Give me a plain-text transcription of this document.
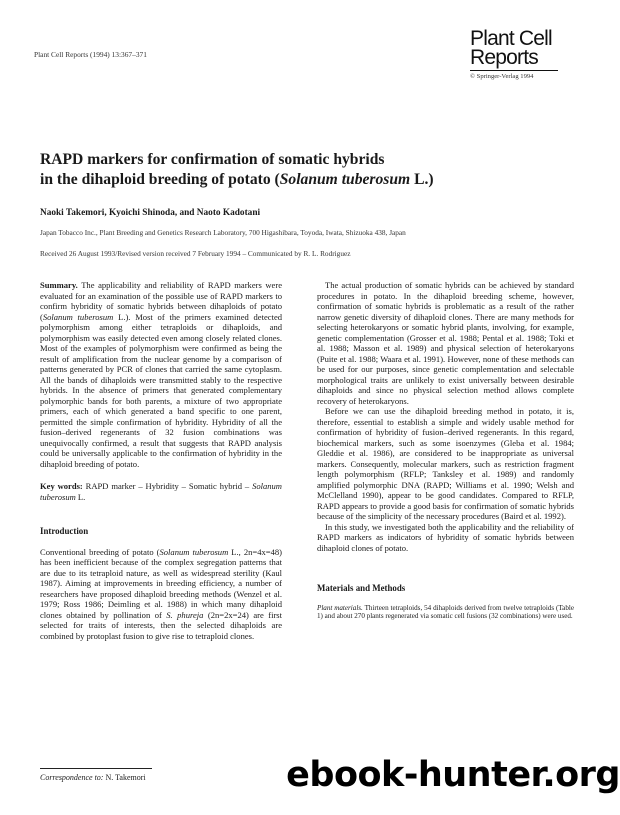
Plant Cell Reports (1994) 13:367–371
Plant Cell
Reports
© Springer-Verlag 1994
RAPD markers for confirmation of somatic hybrids
in the dihaploid breeding of potato (Solanum tuberosum L.)
Naoki Takemori, Kyoichi Shinoda, and Naoto Kadotani
Japan Tobacco Inc., Plant Breeding and Genetics Research Laboratory, 700 Higashibara, Toyoda, Iwata, Shizuoka 438, Japan
Received 26 August 1993/Revised version received 7 February 1994 – Communicated by R. L. Rodriguez

Summary. The applicability and reliability of RAPD markers were evaluated for an examination of the possible use of RAPD markers to confirm hybridity of somatic hybrids between dihaploids of potato (Solanum tuberosum L.). Most of the primers examined detected polymorphism among either tetraploids or dihaploids, and polymorphism was easily detected even among closely related clones. Most of the examples of polymorphism were confirmed as being the result of amplification from the nuclear genome by a comparison of patterns generated by PCR of clones that carried the same cytoplasm. All the bands of dihaploids were transmitted stably to the respective hybrids. In the absence of primers that generated complementary polymorphic bands for both parents, a mixture of two appropriate primers, each of which generated a band specific to one parent, permitted the simple confirmation of hybridity. Hybridity of all the fusion–derived regenerants of 32 fusion combinations was unequivocally confirmed, a result that suggests that RAPD analysis could be universally applicable to the confirmation of hybridity in the dihaploid breeding of potato.

Key words: RAPD marker – Hybridity – Somatic hybrid – Solanum tuberosum L.

Introduction

Conventional breeding of potato (Solanum tuberosum L., 2n=4x=48) has been inefficient because of the complex segregation patterns that are due to its tetraploid nature, as well as widespread sterility (Kaul 1987). Aiming at improvements in breeding efficiency, a number of researchers have proposed dihaploid breeding methods (Wenzel et al. 1979; Ross 1986; Deimling et al. 1988) in which many dihaploid clones obtained by pollination of S. phureja (2n=2x=24) are first selected for traits of interests, then the selected dihaploids are combined by protoplast fusion to give rise to tetraploid clones.

The actual production of somatic hybrids can be achieved by standard procedures in potato. In the dihaploid breeding scheme, however, confirmation of somatic hybrids is problematic as a result of the rather narrow genetic diversity of dihaploid clones. There are many methods for selecting heterokaryons or somatic hybrid plants, involving, for example, genetic complementation (Grosser et al. 1988; Pental et al. 1988; Toki et al. 1988; Masson et al. 1989) and physical selection of heterokaryons (Puite et al. 1988; Waara et al. 1991). However, none of these methods can be used for our purposes, since genetic complementation and selectable morphological traits are unlikely to exist universally between desirable dihaploids and since no physical selection method allows complete recovery of heterokaryons.

Before we can use the dihaploid breeding method in potato, it is, therefore, essential to establish a simple and widely usable method for confirmation of hybridity of fusion–derived regenerants. In this regard, biochemical markers, such as some isoenzymes (Gleba et al. 1984; Gleddie et al. 1986), are considered to be inappropriate as universal markers. Consequently, molecular markers, such as restriction fragment length polymorphism (RFLP; Tanksley et al. 1989) and randomly amplified polymorphic DNA (RAPD; Williams et al. 1990; Welsh and McClelland 1990), appear to be good candidates. Compared to RFLP, RAPD appears to provide a good basis for confirmation of somatic hybrids because of the simplicity of the necessary procedures (Baird et al. 1992).

In this study, we investigated both the applicability and the reliability of RAPD markers as indicators of hybridity of somatic hybrids between dihaploid clones of potato.

Materials and Methods

Plant materials. Thirteen tetraploids, 54 dihaploids derived from twelve tetraploids (Table 1) and about 270 plants regenerated via somatic cell fusions (32 combinations) were used.

Correspondence to: N. Takemori	ebook-hunter.org
